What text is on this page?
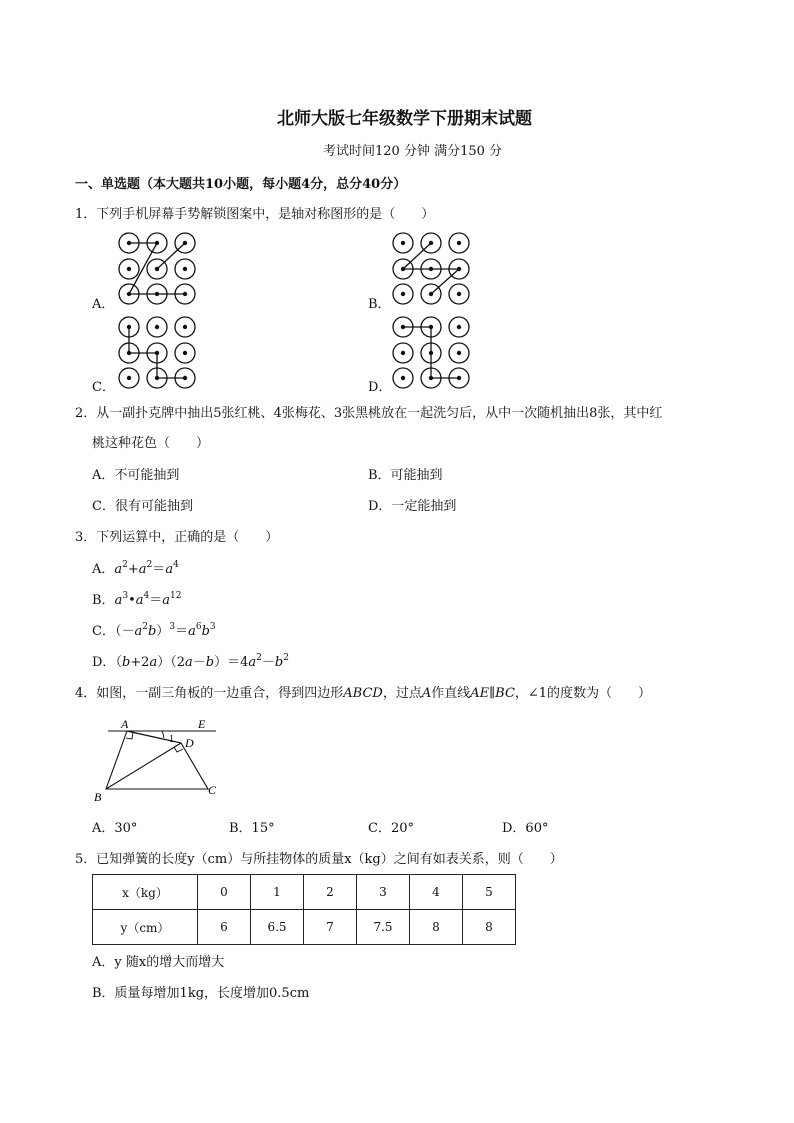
北师大版七年级数学下册期末试题
考试时间120 分钟 满分150 分
一、单选题（本大题共10小题，每小题4分，总分40分）
1．下列手机屏幕手势解锁图案中，是轴对称图形的是（　　）
A．	B．
C．	D．
2．从一副扑克牌中抽出5张红桃、4张梅花、3张黑桃放在一起洗匀后，从中一次随机抽出8张，其中红
桃这种花色（　　）
A．不可能抽到	B．可能抽到
C．很有可能抽到	D．一定能抽到
3．下列运算中，正确的是（　　）
A．$a^2+a^2=a^4$
B．$a^3•a^4=a^{12}$
C．$(-a^2b)^3=a^6b^3$
D．$(b+2a)(2a-b)=4a^2-b^2$
4．如图，一副三角板的一边重合，得到四边形ABCD，过点A作直线AE∥BC，∠1的度数为（　　）
A	E
D
B	C
1
A．30°	B．15°	C．20°	D．60°
5．已知弹簧的长度y（cm）与所挂物体的质量x（kg）之间有如表关系，则（　　）
x（kg）	0	1	2	3	4	5
y（cm）	6	6.5	7	7.5	8	8
A．y 随x的增大而增大
B．质量每增加1kg，长度增加0.5cm
